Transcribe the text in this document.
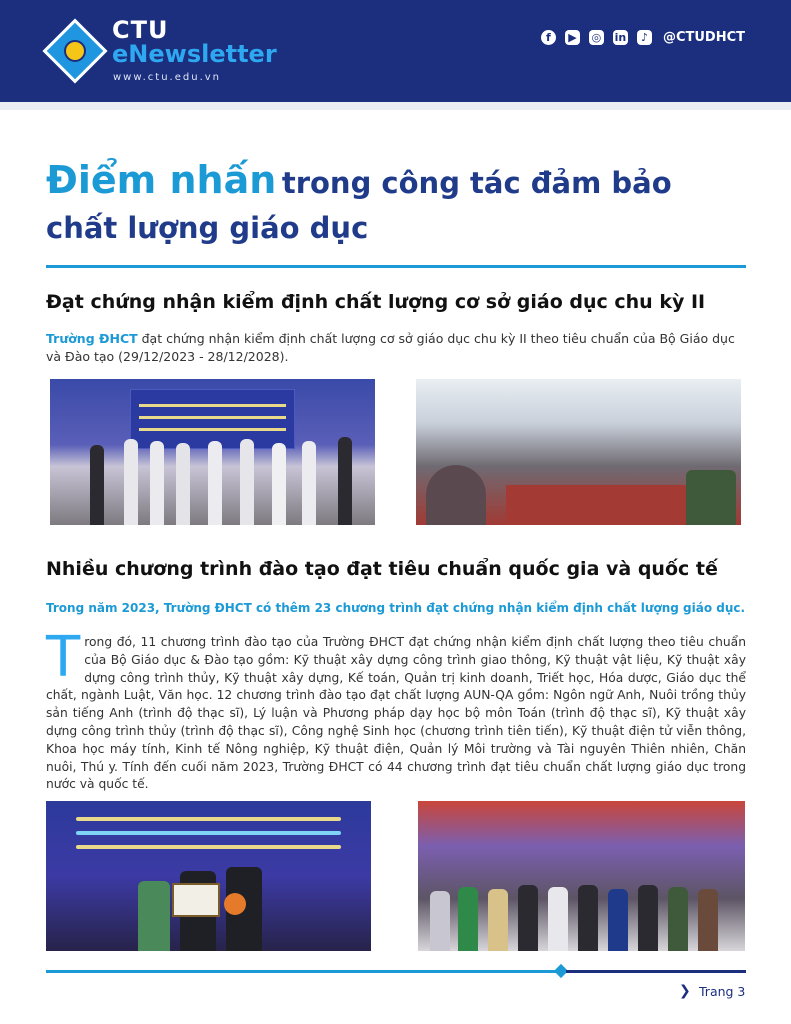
CTU
eNewsletter
www.ctu.edu.vn
f	▶ ◎ in	♪	@CTUDHCT
Điểm nhấn trong công tác đảm bảo chất lượng giáo dục
Đạt chứng nhận kiểm định chất lượng cơ sở giáo dục chu kỳ II
Trường ĐHCT đạt chứng nhận kiểm định chất lượng cơ sở giáo dục chu kỳ II theo tiêu chuẩn của Bộ Giáo dục và Đào tạo (29/12/2023 - 28/12/2028).
Nhiều chương trình đào tạo đạt tiêu chuẩn quốc gia và quốc tế
Trong năm 2023, Trường ĐHCT có thêm 23 chương trình đạt chứng nhận kiểm định chất lượng giáo dục.
Trong đó, 11 chương trình đào tạo của Trường ĐHCT đạt chứng nhận kiểm định chất lượng theo tiêu chuẩn của Bộ Giáo dục & Đào tạo gồm: Kỹ thuật xây dựng công trình giao thông, Kỹ thuật vật liệu, Kỹ thuật xây dựng công trình thủy, Kỹ thuật xây dựng, Kế toán, Quản trị kinh doanh, Triết học, Hóa dược, Giáo dục thể chất, ngành Luật, Văn học. 12 chương trình đào tạo đạt chất lượng AUN-QA gồm: Ngôn ngữ Anh, Nuôi trồng thủy sản tiếng Anh (trình độ thạc sĩ), Lý luận và Phương pháp dạy học bộ môn Toán (trình độ thạc sĩ), Kỹ thuật xây dựng công trình thủy (trình độ thạc sĩ), Công nghệ Sinh học (chương trình tiên tiến), Kỹ thuật điện tử viễn thông, Khoa học máy tính, Kinh tế Nông nghiệp, Kỹ thuật điện, Quản lý Môi trường và Tài nguyên Thiên nhiên, Chăn nuôi, Thú y. Tính đến cuối năm 2023, Trường ĐHCT có 44 chương trình đạt tiêu chuẩn chất lượng giáo dục trong nước và quốc tế.
❯ Trang 3
